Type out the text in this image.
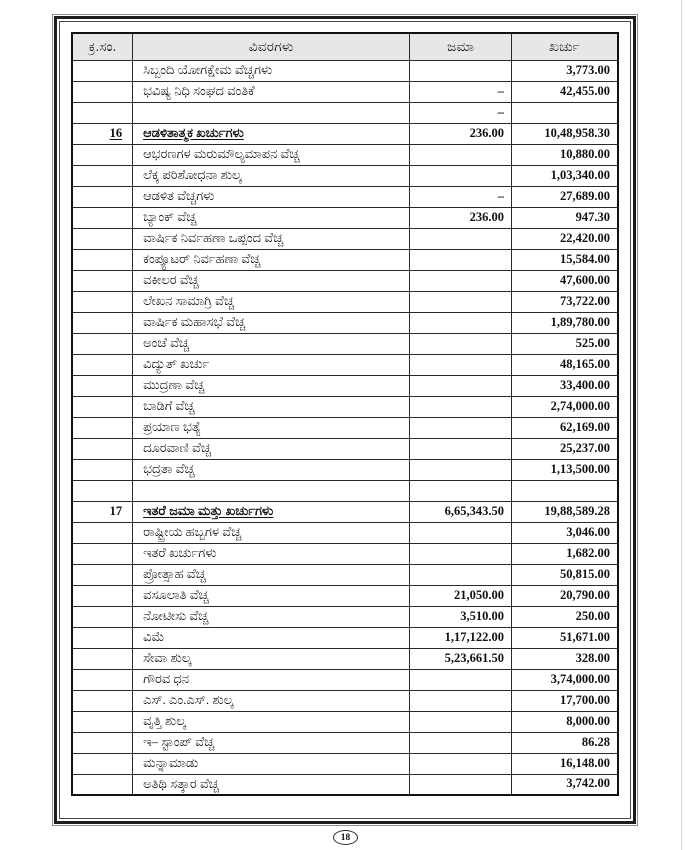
ಕ್ರ.ಸಂ.	ವಿವರಗಳು	ಜಮಾ	ಖರ್ಚು
	ಸಿಬ್ಬಂದಿ ಯೋಗಕ್ಷೇಮ ವೆಚ್ಚಗಳು		3,773.00
	ಭವಿಷ್ಯ ನಿಧಿ ಸಂಘದ ವಂತಿಕೆ	–	42,455.00
		–	
16	ಆಡಳಿತಾತ್ಮಕ ಖರ್ಚುಗಳು	236.00	10,48,958.30
	ಆಭರಣಗಳ ಮರುಮೌಲ್ಯಮಾಪನ ವೆಚ್ಚ		10,880.00
	ಲೆಕ್ಕ ಪರಿಶೋಧನಾ ಶುಲ್ಕ		1,03,340.00
	ಆಡಳಿತ ವೆಚ್ಚಗಳು	–	27,689.00
	ಬ್ಯಾಂಕ್ ವೆಚ್ಚ	236.00	947.30
	ವಾರ್ಷಿಕ ನಿರ್ವಹಣಾ ಒಪ್ಪಂದ ವೆಚ್ಚ		22,420.00
	ಕಂಪ್ಯೂಟರ್ ನಿರ್ವಹಣಾ ವೆಚ್ಚ		15,584.00
	ವಕೀಲರ ವೆಚ್ಚ		47,600.00
	ಲೇಖನ ಸಾಮಾಗ್ರಿ ವೆಚ್ಚ		73,722.00
	ವಾರ್ಷಿಕ ಮಹಾಸಭೆ ವೆಚ್ಚ		1,89,780.00
	ಅಂಚೆ ವೆಚ್ಚ		525.00
	ವಿದ್ಯುತ್ ಖರ್ಚು		48,165.00
	ಮುದ್ರಣಾ ವೆಚ್ಚ		33,400.00
	ಬಾಡಿಗೆ ವೆಚ್ಚ		2,74,000.00
	ಪ್ರಯಾಣ ಭತ್ಯೆ		62,169.00
	ದೂರವಾಣಿ ವೆಚ್ಚ		25,237.00
	ಭದ್ರತಾ ವೆಚ್ಚ		1,13,500.00

17	ಇತರೆ ಜಮಾ ಮತ್ತು ಖರ್ಚುಗಳು	6,65,343.50	19,88,589.28
	ರಾಷ್ಟ್ರೀಯ ಹಬ್ಬಗಳ ವೆಚ್ಚ		3,046.00
	ಇತರೆ ಖರ್ಚುಗಳು		1,682.00
	ಪ್ರೋತ್ಸಾಹ ವೆಚ್ಚ		50,815.00
	ವಸೂಲಾತಿ ವೆಚ್ಚ	21,050.00	20,790.00
	ನೋಟೀಸು ವೆಚ್ಚ	3,510.00	250.00
	ವಿಮೆ	1,17,122.00	51,671.00
	ಸೇವಾ ಶುಲ್ಕ	5,23,661.50	328.00
	ಗೌರವ ಧನ		3,74,000.00
	ಎಸ್. ಎಂ.ಎಸ್. ಶುಲ್ಕ		17,700.00
	ವೃತ್ತಿ ಶುಲ್ಕ		8,000.00
	ಇ– ಸ್ಟಾಂಪ್ ವೆಚ್ಚ		86.28
	ಮನ್ನಾಮಾಡು		16,148.00
	ಅತಿಥಿ ಸತ್ಕಾರ ವೆಚ್ಚ		3,742.00
18
